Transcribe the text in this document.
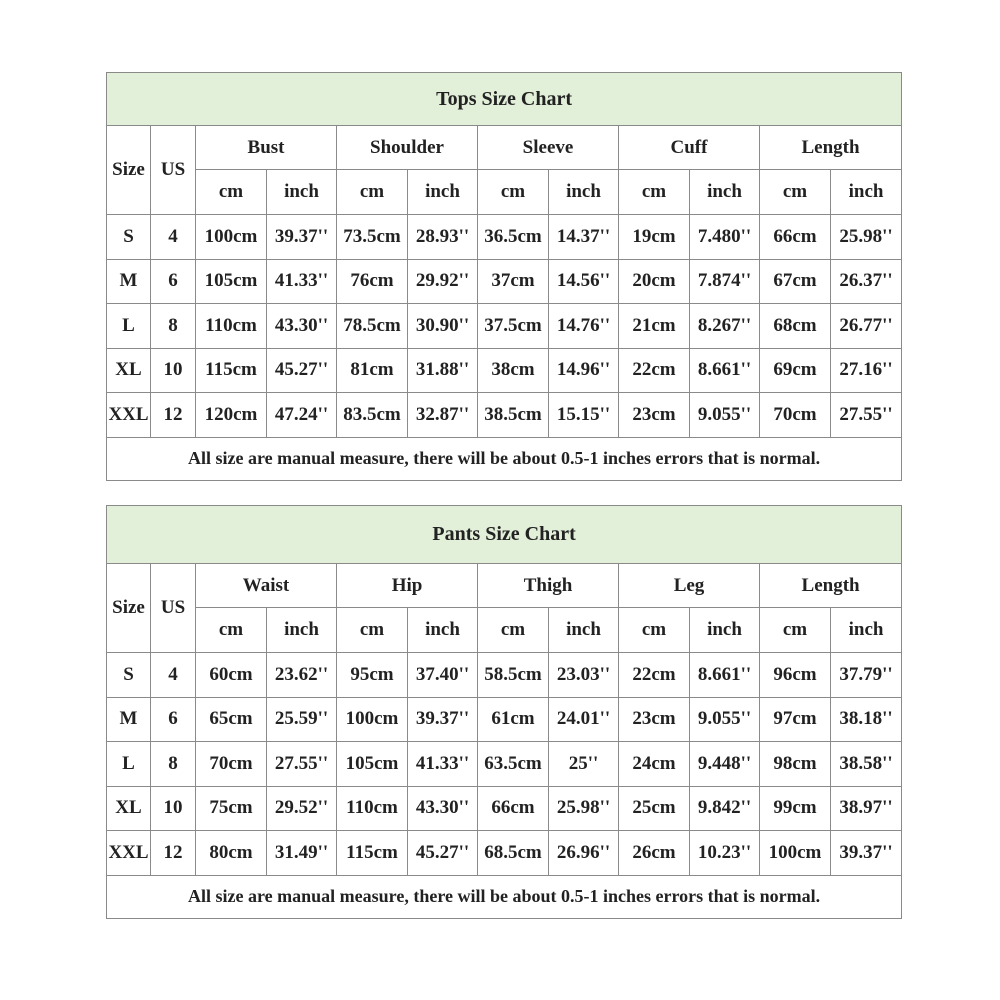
Tops Size Chart											
Size	US	Bust		Shoulder		Sleeve		Cuff		Length	
		cm	inch	cm	inch	cm	inch	cm	inch	cm	inch
S	4	100cm	39.37''	73.5cm	28.93''	36.5cm	14.37''	19cm	7.480''	66cm	25.98''
M	6	105cm	41.33''	76cm	29.92''	37cm	14.56''	20cm	7.874''	67cm	26.37''
L	8	110cm	43.30''	78.5cm	30.90''	37.5cm	14.76''	21cm	8.267''	68cm	26.77''
XL	10	115cm	45.27''	81cm	31.88''	38cm	14.96''	22cm	8.661''	69cm	27.16''
XXL	12	120cm	47.24''	83.5cm	32.87''	38.5cm	15.15''	23cm	9.055''	70cm	27.55''
All size are manual measure, there will be about 0.5-1 inches errors that is normal.											
Pants Size Chart											
Size	US	Waist		Hip		Thigh		Leg		Length	
		cm	inch	cm	inch	cm	inch	cm	inch	cm	inch
S	4	60cm	23.62''	95cm	37.40''	58.5cm	23.03''	22cm	8.661''	96cm	37.79''
M	6	65cm	25.59''	100cm	39.37''	61cm	24.01''	23cm	9.055''	97cm	38.18''
L	8	70cm	27.55''	105cm	41.33''	63.5cm	25''	24cm	9.448''	98cm	38.58''
XL	10	75cm	29.52''	110cm	43.30''	66cm	25.98''	25cm	9.842''	99cm	38.97''
XXL	12	80cm	31.49''	115cm	45.27''	68.5cm	26.96''	26cm	10.23''	100cm	39.37''
All size are manual measure, there will be about 0.5-1 inches errors that is normal.											
